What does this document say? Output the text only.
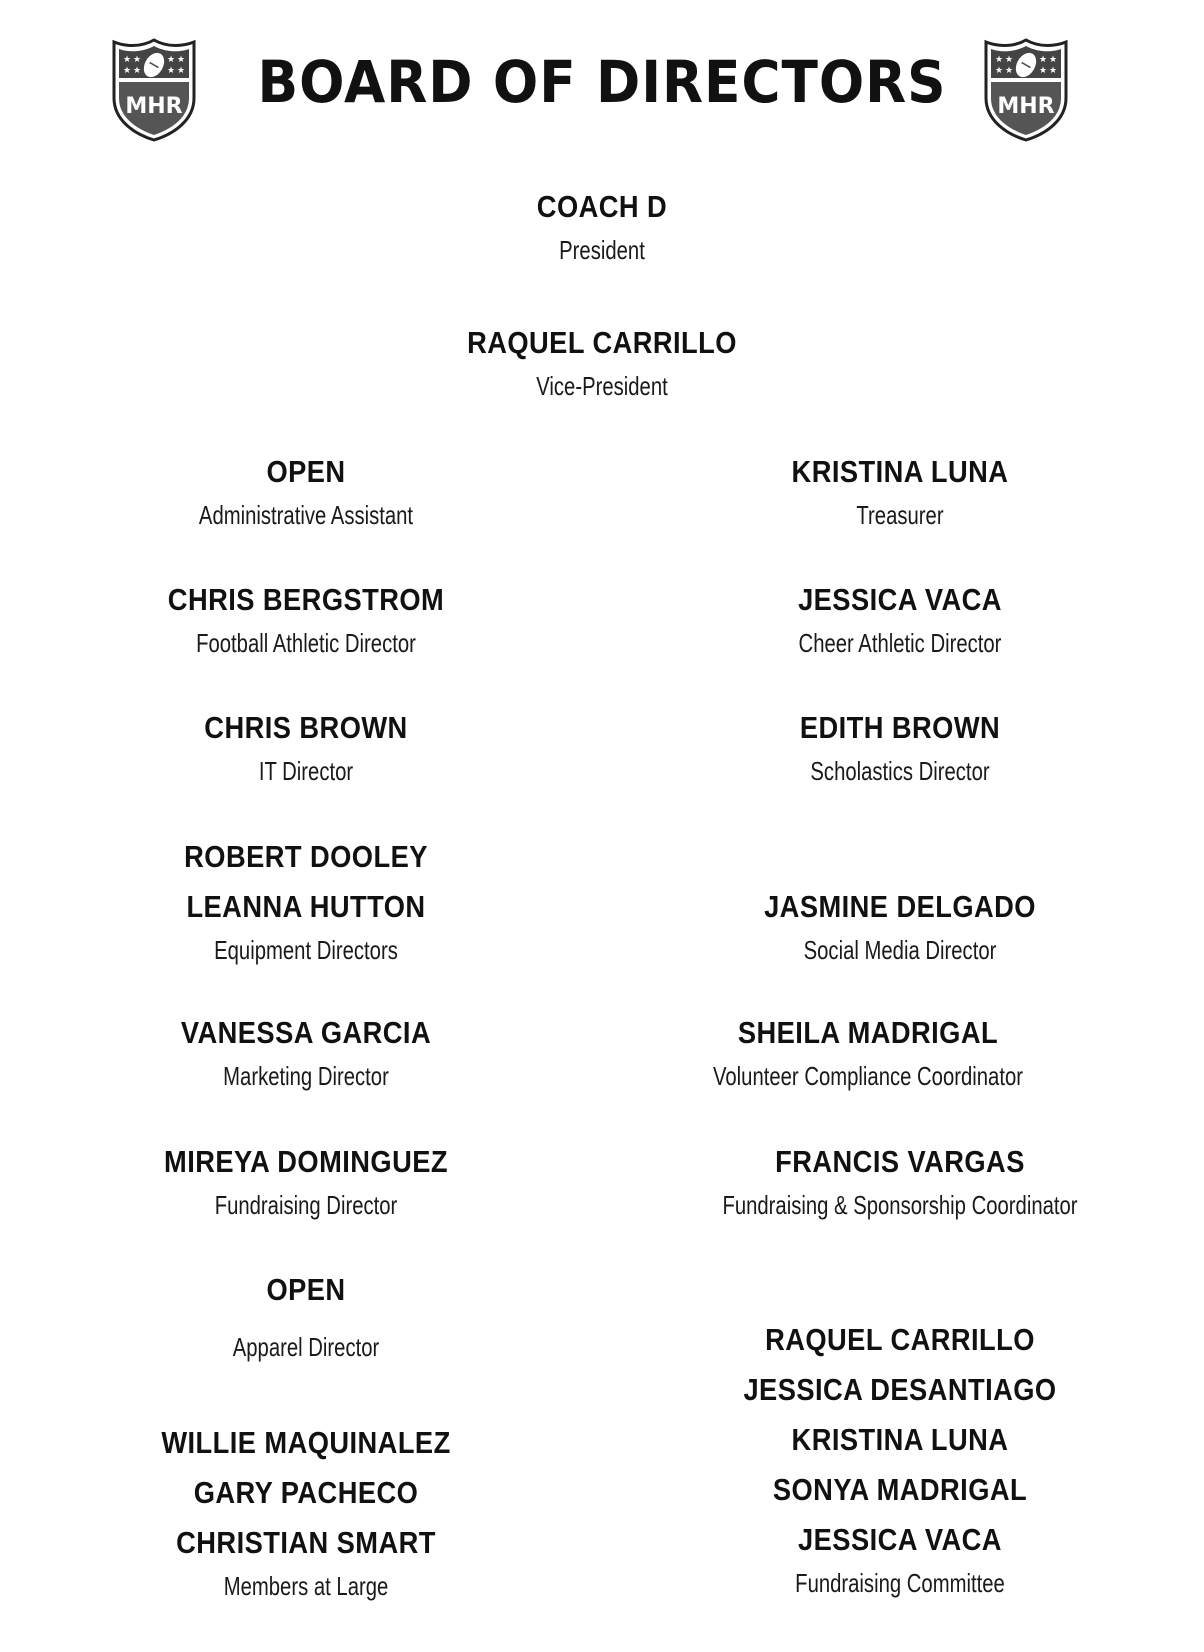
★ ★	★ ★
★ ★	★ ★
MHR	BOARD OF DIRECTORS	★ ★	★ ★
★ ★	★ ★
MHR
COACH D
President
RAQUEL CARRILLO
Vice-President
OPEN
Administrative Assistant
CHRIS BERGSTROM
Football Athletic Director
CHRIS BROWN
IT Director
ROBERT DOOLEY
LEANNA HUTTON
Equipment Directors
VANESSA GARCIA
Marketing Director
MIREYA DOMINGUEZ
Fundraising Director
OPEN
Apparel Director
WILLIE MAQUINALEZ
GARY PACHECO
CHRISTIAN SMART
Members at Large
KRISTINA LUNA
Treasurer
JESSICA VACA
Cheer Athletic Director
EDITH BROWN
Scholastics Director
JASMINE DELGADO
Social Media Director
SHEILA MADRIGAL
Volunteer Compliance Coordinator
FRANCIS VARGAS
Fundraising & Sponsorship Coordinator
RAQUEL CARRILLO
JESSICA DESANTIAGO
KRISTINA LUNA
SONYA MADRIGAL
JESSICA VACA
Fundraising Committee
